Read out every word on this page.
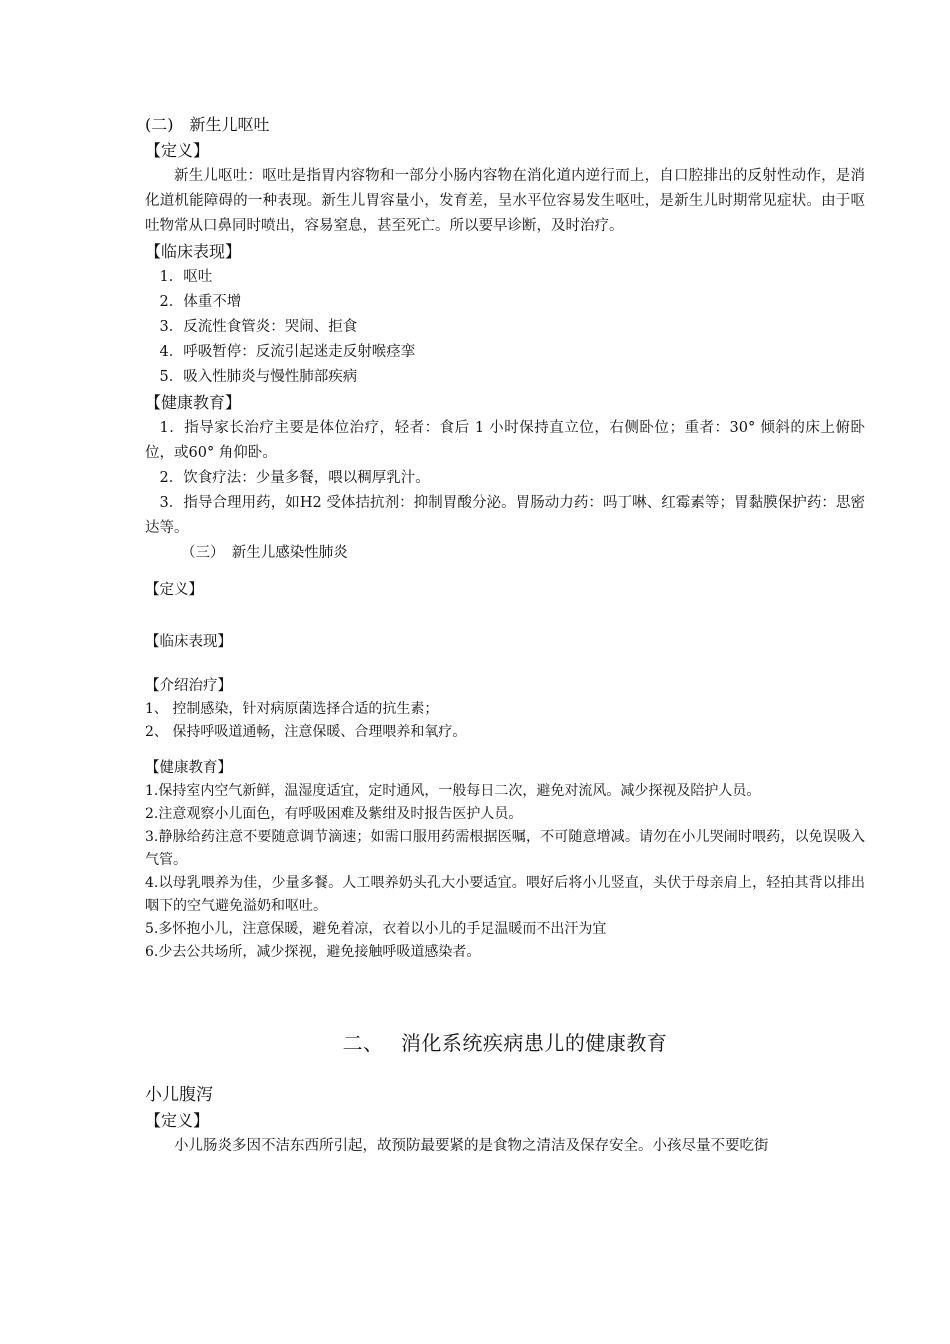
(二)　新生儿呕吐
【定义】
新生儿呕吐：呕吐是指胃内容物和一部分小肠内容物在消化道内逆行而上，自口腔排出的反射性动作，是消化道机能障碍的一种表现。新生儿胃容量小，发育差，呈水平位容易发生呕吐，是新生儿时期常见症状。由于呕吐物常从口鼻同时喷出，容易窒息，甚至死亡。所以要早诊断，及时治疗。
【临床表现】
1．呕吐
2．体重不增
3．反流性食管炎：哭闹、拒食
4．呼吸暂停：反流引起迷走反射喉痉挛
5．吸入性肺炎与慢性肺部疾病
【健康教育】
1．指导家长治疗主要是体位治疗，轻者：食后 1 小时保持直立位，右侧卧位；重者：30° 倾斜的床上俯卧位，或60° 角仰卧。
2．饮食疗法：少量多餐，喂以稠厚乳汁。
3．指导合理用药，如H2 受体拮抗剂：抑制胃酸分泌。胃肠动力药：吗丁啉、红霉素等；胃黏膜保护药：思密达等。
（三）　新生儿感染性肺炎
【定义】
【临床表现】
【介绍治疗】
1、 控制感染，针对病原菌选择合适的抗生素；
2、 保持呼吸道通畅，注意保暖、合理喂养和氧疗。
【健康教育】
1.保持室内空气新鲜，温湿度适宜，定时通风，一般每日二次，避免对流风。减少探视及陪护人员。
2.注意观察小儿面色，有呼吸困难及紫绀及时报告医护人员。
3.静脉给药注意不要随意调节滴速；如需口服用药需根据医嘱，不可随意增减。请勿在小儿哭闹时喂药，以免误吸入气管。
4.以母乳喂养为佳，少量多餐。人工喂养奶头孔大小要适宜。喂好后将小儿竖直，头伏于母亲肩上，轻拍其背以排出咽下的空气避免溢奶和呕吐。
5.多怀抱小儿，注意保暖，避免着凉，衣着以小儿的手足温暖而不出汗为宜
6.少去公共场所，减少探视，避免接触呼吸道感染者。
二、　 消化系统疾病患儿的健康教育
小儿腹泻
【定义】
小儿肠炎多因不洁东西所引起，故预防最要紧的是食物之清洁及保存安全。小孩尽量不要吃街
